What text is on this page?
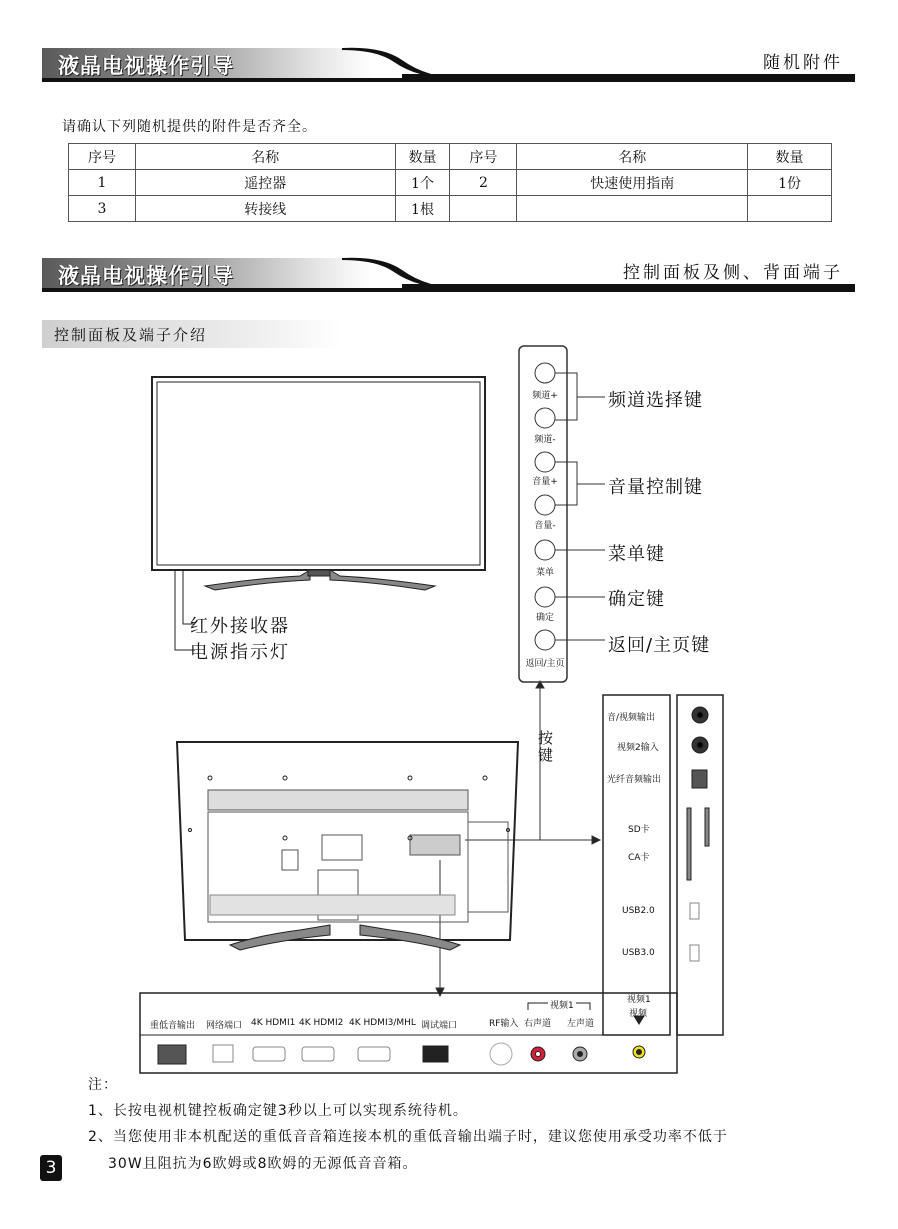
液晶电视操作引导	随机附件
请确认下列随机提供的附件是否齐全。
序号	名称	数量	序号	名称	数量
1	遥控器	1个	2	快速使用指南	1份
3	转接线	1根			
液晶电视操作引导	控制面板及侧、背面端子
控制面板及端子介绍
频道+
频道-
音量+
音量-
菜单
确定
返回/主页
频道选择键
音量控制键
菜单键
确定键
返回/主页键
按键
红外接收器
电源指示灯
音/视频输出
视频2输入
光纤音频输出
SD卡
CA卡
USB2.0
USB3.0
视频1
视频
重低音输出 网络端口 4K HDMI1 4K HDMI2 4K HDMI3/MHL 调试端口	RF输入 右声道 左声道
视频1
注：
1、长按电视机键控板确定键3秒以上可以实现系统待机。
2、当您使用非本机配送的重低音音箱连接本机的重低音输出端子时，建议您使用承受功率不低于
30W且阻抗为6欧姆或8欧姆的无源低音音箱。
3
